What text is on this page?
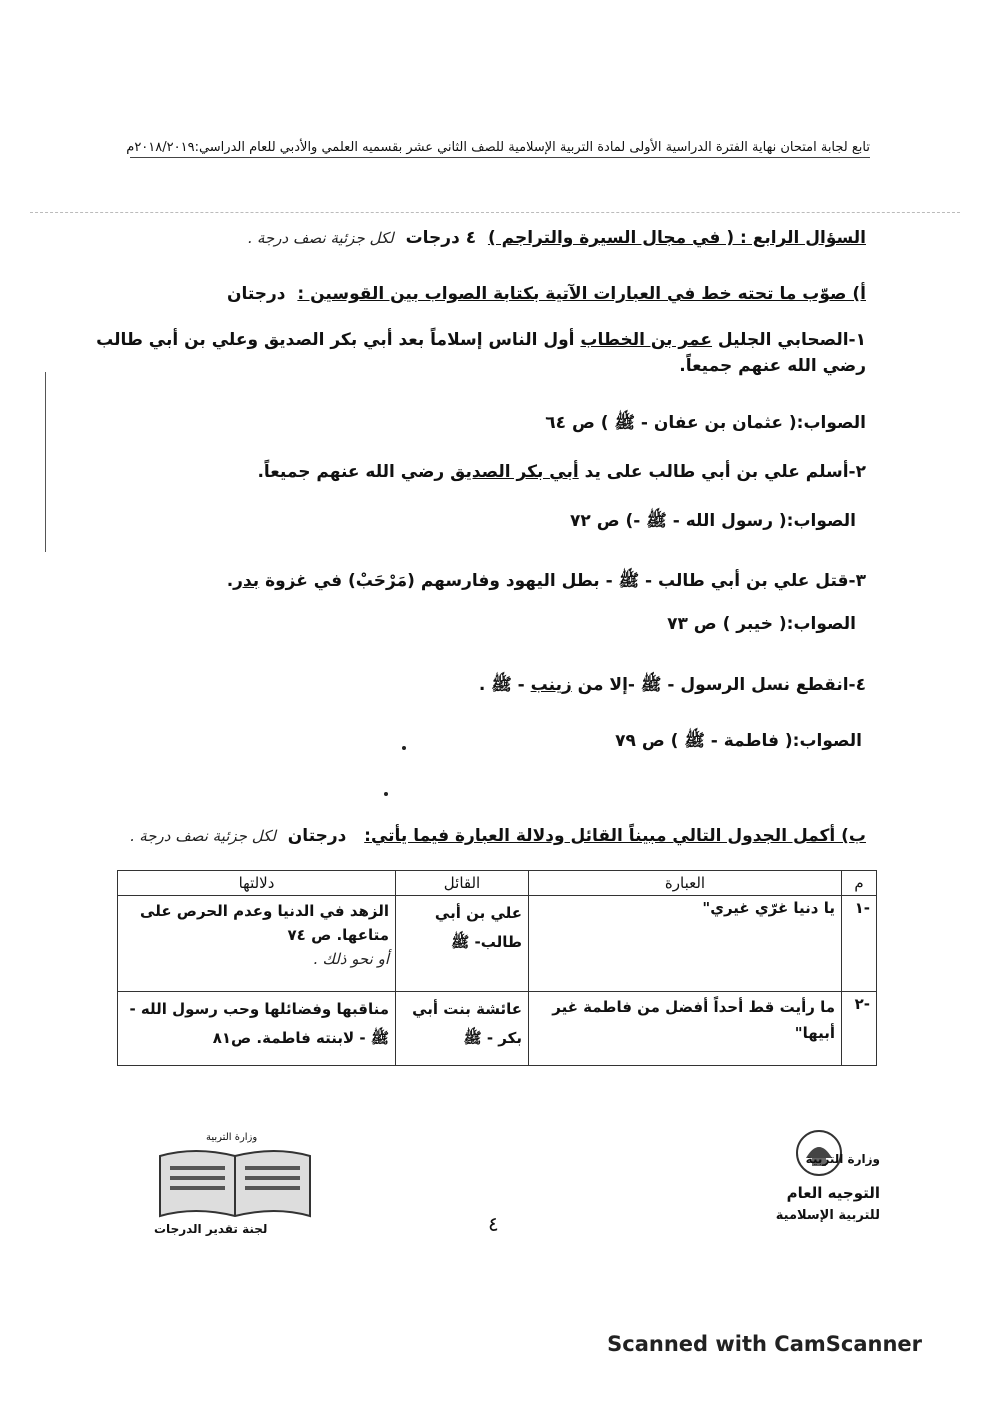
تابع لجابة امتحان نهاية الفترة الدراسية الأولى لمادة التربية الإسلامية للصف الثاني عشر بقسميه العلمي والأدبي للعام الدراسي:٢٠١٨/٢٠١٩م
السؤال الرابع : ( في مجال السيرة والتراجم )  ٤ درجات  لكل جزئية نصف درجة .
أ) صوّب ما تحته خط في العبارات الآتية بكتابة الصواب بين القوسين :  درجتان
١-الصحابي الجليل عمر بن الخطاب أول الناس إسلاماً بعد أبي بكر الصديق وعلي بن أبي طالب
رضي الله عنهم جميعاً.
الصواب:( عثمان بن عفان - ﷺ ) ص ٦٤
٢-أسلم علي بن أبي طالب على يد أبي بكر الصديق رضي الله عنهم جميعاً.
الصواب:( رسول الله - ﷺ -) ص ٧٢
٣-قتل علي بن أبي طالب - ﷺ - بطل اليهود وفارسهم (مَرْحَبْ) في غزوة بدر.
الصواب:( خيبر ) ص ٧٣
٤-انقطع نسل الرسول - ﷺ -إلا من زينب - ﷺ .
الصواب:( فاطمة - ﷺ ) ص ٧٩
ب) أكمل الجدول التالي مبيناً القائل ودلالة العبارة فيما يأتي:   درجتان  لكل جزئية نصف درجة .
م	العبارة	القائل	دلالتها
-١	يا دنيا غرّي غيري"	علي بن أبي طالب- ﷺ	الزهد في الدنيا وعدم الحرص على متاعها. ص ٧٤
أو نحو ذلك .
-٢	ما رأيت قط أحداً أفضل من فاطمة غير أبيها"	عائشة بنت أبي بكر - ﷺ	مناقبها وفضائلها وحب رسول الله - ﷺ - لابنته فاطمة. ص٨١
وزارة التربية
التوجيه العام
للتربية الإسلامية
وزارة التربية
لجنة تقدير الدرجات	٤
Scanned with CamScanner
